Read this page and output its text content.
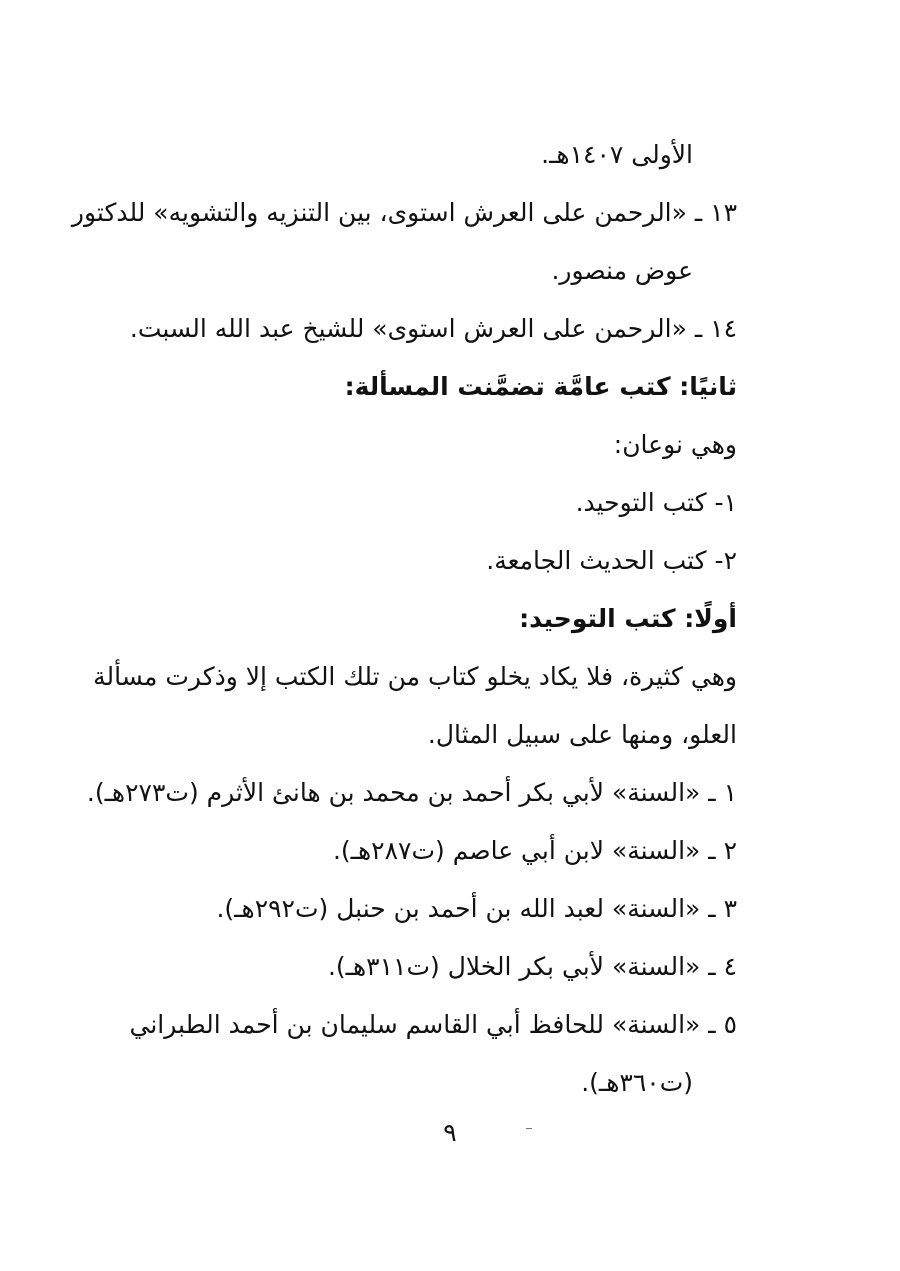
الأولى ١٤٠٧هـ.
١٣ ـ «الرحمن على العرش استوى، بين التنزيه والتشويه» للدكتور
عوض منصور.
١٤ ـ «الرحمن على العرش استوى» للشيخ عبد الله السبت.
ثانيًا: كتب عامَّة تضمَّنت المسألة:
وهي نوعان:
١- كتب التوحيد.
٢- كتب الحديث الجامعة.
أولًا: كتب التوحيد:
وهي كثيرة، فلا يكاد يخلو كتاب من تلك الكتب إلا وذكرت مسألة
العلو، ومنها على سبيل المثال.
١ ـ «السنة» لأبي بكر أحمد بن محمد بن هانئ الأثرم (ت٢٧٣هـ).
٢ ـ «السنة» لابن أبي عاصم (ت٢٨٧هـ).
٣ ـ «السنة» لعبد الله بن أحمد بن حنبل (ت٢٩٢هـ).
٤ ـ «السنة» لأبي بكر الخلال (ت٣١١هـ).
٥ ـ «السنة» للحافظ أبي القاسم سليمان بن أحمد الطبراني
(ت٣٦٠هـ).
٩
